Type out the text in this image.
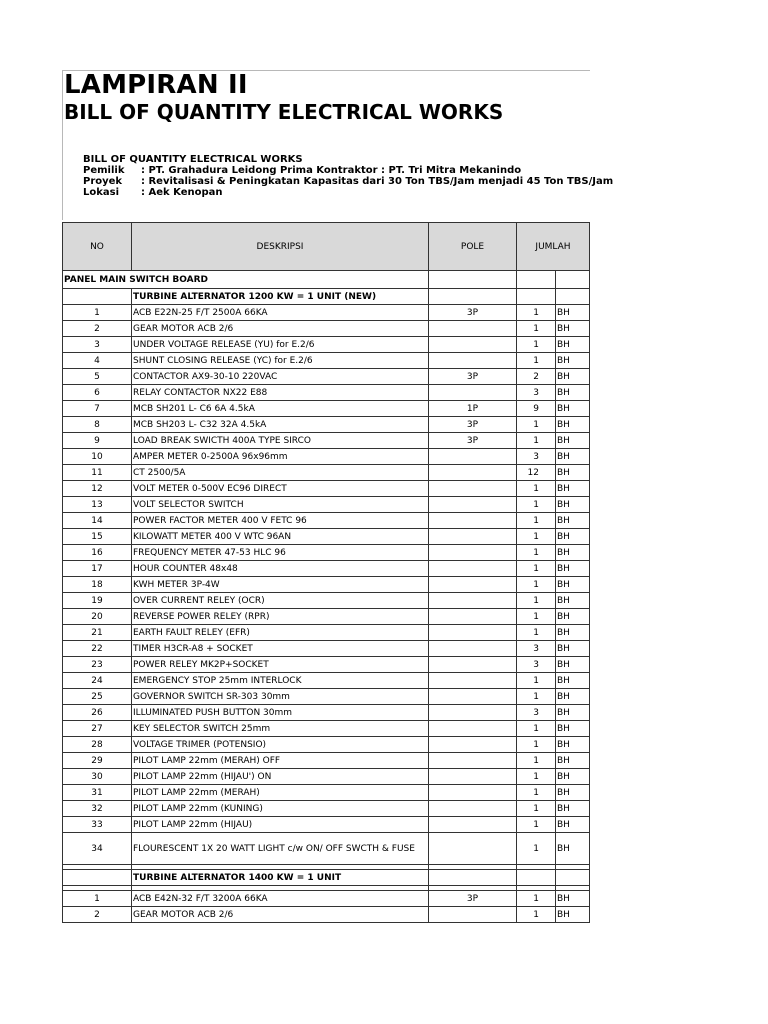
LAMPIRAN II
BILL OF QUANTITY ELECTRICAL WORKS
BILL OF QUANTITY ELECTRICAL WORKS
Pemilik : PT. Grahadura Leidong Prima Kontraktor : PT. Tri Mitra Mekanindo
Proyek : Revitalisasi & Peningkatan Kapasitas dari 30 Ton TBS/Jam menjadi 45 Ton TBS/Jam
Lokasi : Aek Kenopan
NO	DESKRIPSI	POLE	JUMLAH	
PANEL MAIN SWITCH BOARD				
	TURBINE ALTERNATOR 1200 KW = 1 UNIT (NEW)			
1	ACB E22N-25 F/T 2500A 66KA	3P	1	BH
2	GEAR MOTOR ACB 2/6		1	BH
3	UNDER VOLTAGE RELEASE (YU) for E.2/6		1	BH
4	SHUNT CLOSING RELEASE (YC) for E.2/6		1	BH
5	CONTACTOR AX9-30-10 220VAC	3P	2	BH
6	RELAY CONTACTOR NX22 E88		3	BH
7	MCB SH201 L- C6 6A 4.5kA	1P	9	BH
8	MCB SH203 L- C32 32A 4.5kA	3P	1	BH
9	LOAD BREAK SWICTH 400A TYPE SIRCO	3P	1	BH
10	AMPER METER 0-2500A 96x96mm		3	BH
11	CT 2500/5A		12	BH
12	VOLT METER 0-500V EC96 DIRECT		1	BH
13	VOLT SELECTOR SWITCH		1	BH
14	POWER FACTOR METER 400 V FETC 96		1	BH
15	KILOWATT METER 400 V WTC 96AN		1	BH
16	FREQUENCY METER 47-53 HLC 96		1	BH
17	HOUR COUNTER 48x48		1	BH
18	KWH METER 3P-4W		1	BH
19	OVER CURRENT RELEY (OCR)		1	BH
20	REVERSE POWER RELEY (RPR)		1	BH
21	EARTH FAULT RELEY (EFR)		1	BH
22	TIMER H3CR-A8 + SOCKET		3	BH
23	POWER RELEY MK2P+SOCKET		3	BH
24	EMERGENCY STOP 25mm INTERLOCK		1	BH
25	GOVERNOR SWITCH SR-303 30mm		1	BH
26	ILLUMINATED PUSH BUTTON 30mm		3	BH
27	KEY SELECTOR SWITCH 25mm		1	BH
28	VOLTAGE TRIMER (POTENSIO)		1	BH
29	PILOT LAMP 22mm (MERAH) OFF		1	BH
30	PILOT LAMP 22mm (HIJAU') ON		1	BH
31	PILOT LAMP 22mm (MERAH)		1	BH
32	PILOT LAMP 22mm (KUNING)		1	BH
33	PILOT LAMP 22mm (HIJAU)		1	BH
34	FLOURESCENT 1X 20 WATT LIGHT c/w ON/ OFF SWCTH & FUSE		1	BH

	TURBINE ALTERNATOR 1400 KW = 1 UNIT			

1	ACB E42N-32 F/T 3200A 66KA	3P	1	BH
2	GEAR MOTOR ACB 2/6		1	BH
